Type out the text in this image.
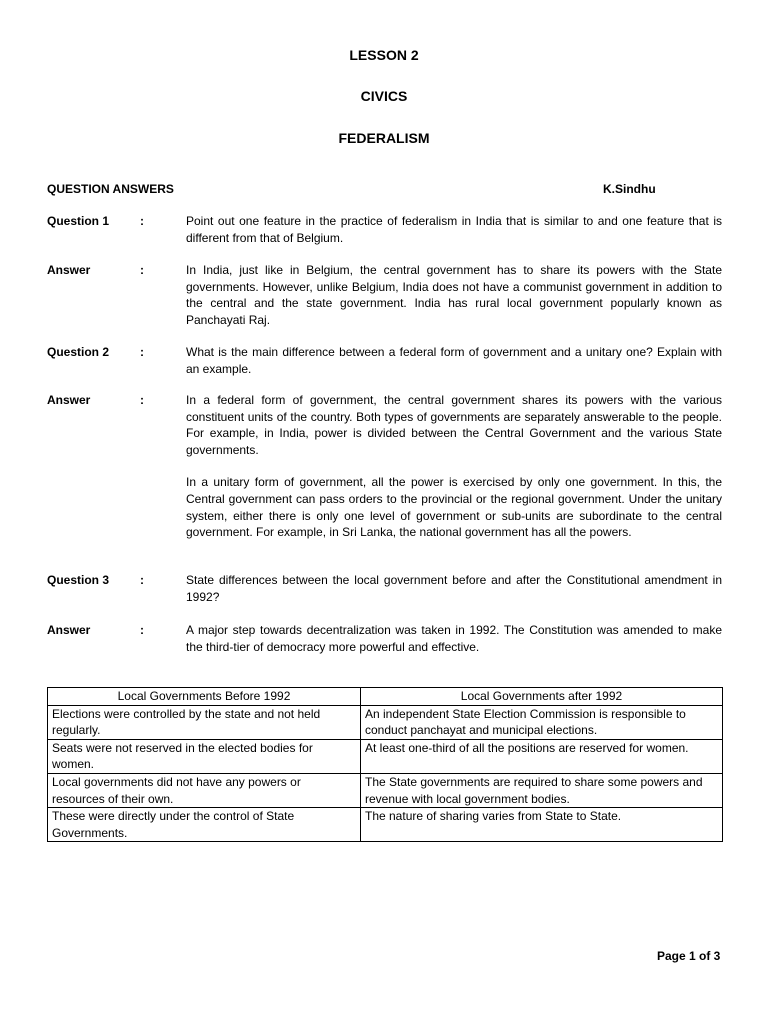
LESSON 2
CIVICS
FEDERALISM
QUESTION ANSWERS	K.Sindhu
Question 1	:	Point out one feature in the practice of federalism in India that is similar to and one feature that is different from that of Belgium.

Answer	:	In India, just like in Belgium, the central government has to share its powers with the State governments. However, unlike Belgium, India does not have a communist government in addition to the central and the state government. India has rural local government popularly known as Panchayati Raj.

Question 2	:	What is the main difference between a federal form of government and a unitary one? Explain with an example.

Answer	:	In a federal form of government, the central government shares its powers with the various constituent units of the country. Both types of governments are separately answerable to the people. For example, in India, power is divided between the Central Government and the various State governments.

In a unitary form of government, all the power is exercised by only one government. In this, the Central government can pass orders to the provincial or the regional government. Under the unitary system, either there is only one level of government or sub-units are subordinate to the central government. For example, in Sri Lanka, the national government has all the powers.

Question 3	:	State differences between the local government before and after the Constitutional amendment in 1992?

Answer	:	A major step towards decentralization was taken in 1992. The Constitution was amended to make the third-tier of democracy more powerful and effective.

Local Governments Before 1992	Local Governments after 1992
Elections were controlled by the state and not held regularly.	An independent State Election Commission is responsible to conduct panchayat and municipal elections.
Seats were not reserved in the elected bodies for women.	At least one-third of all the positions are reserved for women.
Local governments did not have any powers or resources of their own.	The State governments are required to share some powers and revenue with local government bodies.
These were directly under the control of State Governments.	The nature of sharing varies from State to State.
Page 1 of 3
